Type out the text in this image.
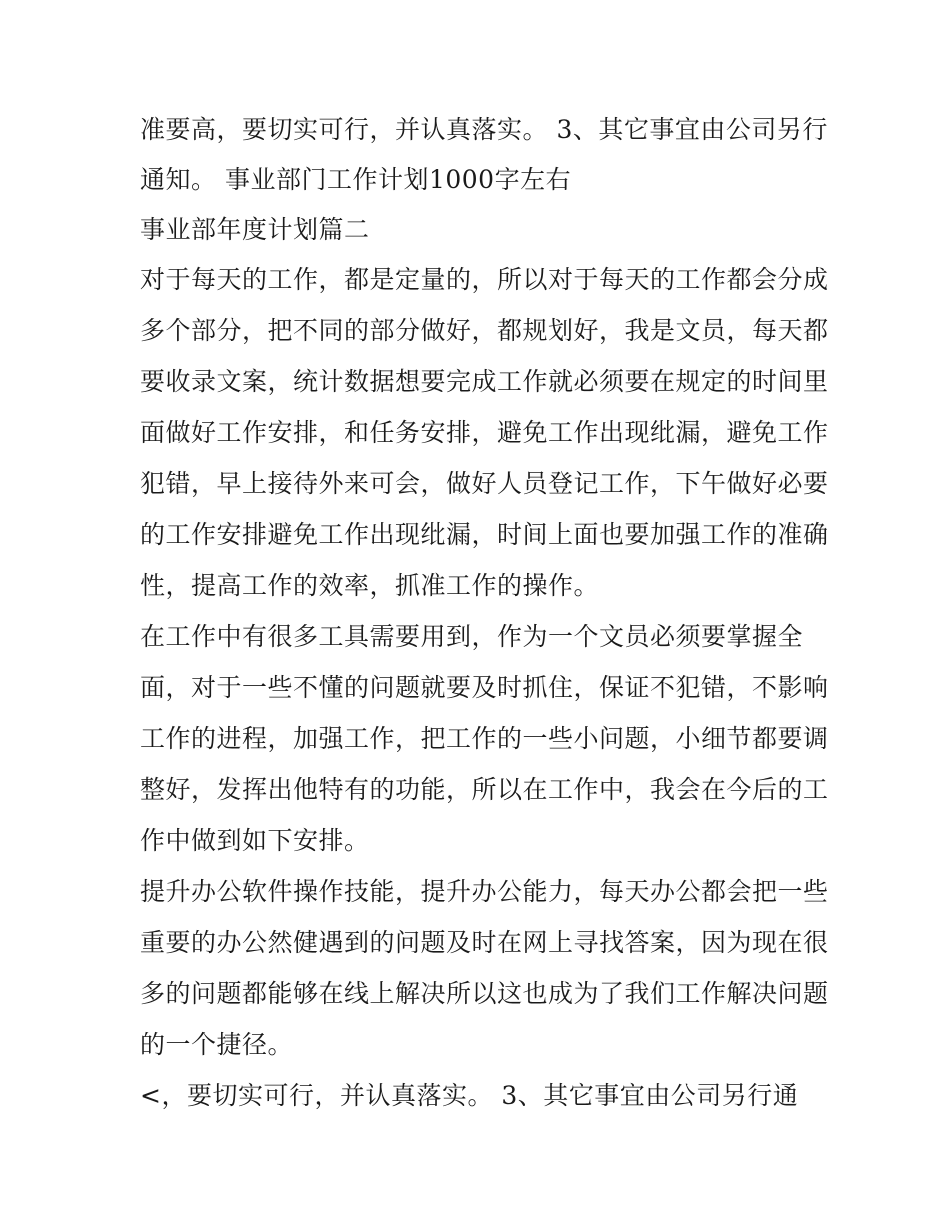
准要高，要切实可行，并认真落实。 3、其它事宜由公司另行
通知。 事业部门工作计划1000字左右
事业部年度计划篇二
对于每天的工作，都是定量的，所以对于每天的工作都会分成
多个部分，把不同的部分做好，都规划好，我是文员，每天都
要收录文案，统计数据想要完成工作就必须要在规定的时间里
面做好工作安排，和任务安排，避免工作出现纰漏，避免工作
犯错，早上接待外来可会，做好人员登记工作，下午做好必要
的工作安排避免工作出现纰漏，时间上面也要加强工作的准确
性，提高工作的效率，抓准工作的操作。
在工作中有很多工具需要用到，作为一个文员必须要掌握全
面，对于一些不懂的问题就要及时抓住，保证不犯错，不影响
工作的进程，加强工作，把工作的一些小问题，小细节都要调
整好，发挥出他特有的功能，所以在工作中，我会在今后的工
作中做到如下安排。
提升办公软件操作技能，提升办公能力，每天办公都会把一些
重要的办公然健遇到的问题及时在网上寻找答案，因为现在很
多的问题都能够在线上解决所以这也成为了我们工作解决问题
的一个捷径。
<，要切实可行，并认真落实。 3、其它事宜由公司另行通
